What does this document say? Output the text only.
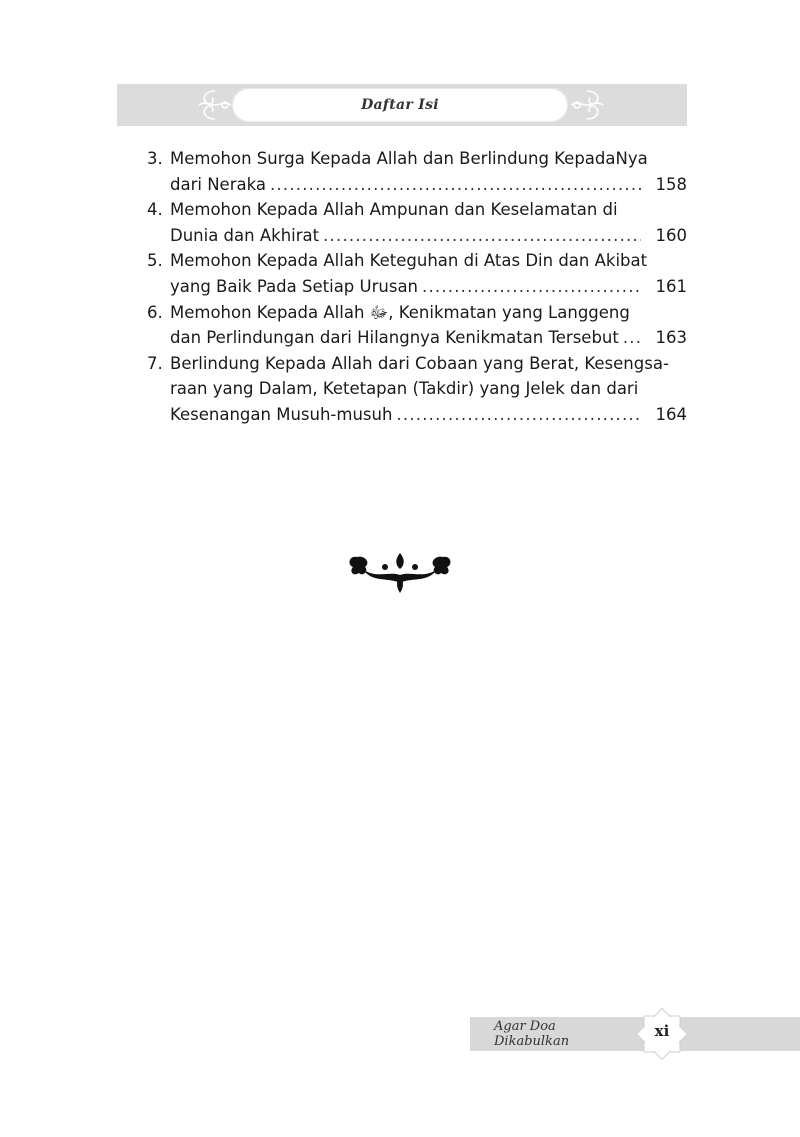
Daftar Isi
3. Memohon Surga Kepada Allah dan Berlindung KepadaNya
dari Neraka .....	158
4. Memohon Kepada Allah Ampunan dan Keselamatan di
Dunia dan Akhirat .....	160
5. Memohon Kepada Allah Keteguhan di Atas Din dan Akibat
yang Baik Pada Setiap Urusan .....	161
6. Memohon Kepada Allah ﷻ, Kenikmatan yang Langgeng
dan Perlindungan dari Hilangnya Kenikmatan Tersebut .....	163
7. Berlindung Kepada Allah dari Cobaan yang Berat, Kesengsa-
raan yang Dalam, Ketetapan (Takdir) yang Jelek dan dari
Kesenangan Musuh-musuh .....	164
Agar Doa Dikabulkan
xi
